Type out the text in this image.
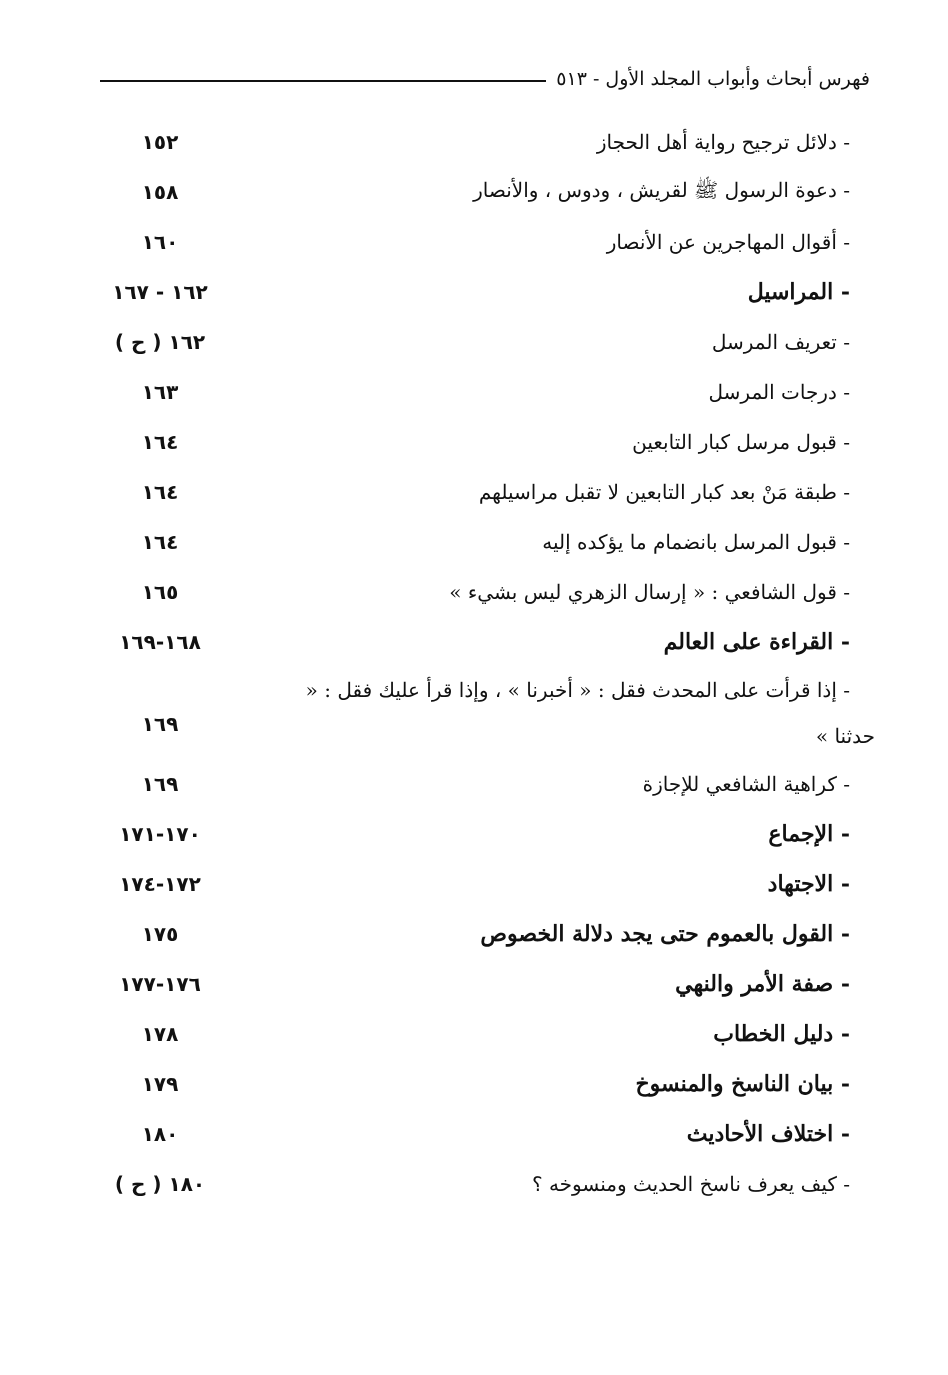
فهرس أبحاث وأبواب المجلد الأول - ٥١٣
- دلائل ترجيح رواية أهل الحجاز
١٥٢
- دعوة الرسول ﷺ لقريش ، ودوس ، والأنصار
١٥٨
- أقوال المهاجرين عن الأنصار
١٦٠
- المراسيل
١٦٢ - ١٦٧
- تعريف المرسل
١٦٢ ( ح )
- درجات المرسل
١٦٣
- قبول مرسل كبار التابعين
١٦٤
- طبقة مَنْ بعد كبار التابعين لا تقبل مراسيلهم
١٦٤
- قبول المرسل بانضمام ما يؤكده إليه
١٦٤
- قول الشافعي : « إرسال الزهري ليس بشيء »
١٦٥
- القراءة على العالم
١٦٨-١٦٩
- إذا قرأت على المحدث فقل : « أخبرنا » ، وإذا قرأ عليك فقل : «
حدثنا »
١٦٩
- كراهية الشافعي للإجازة
١٦٩
- الإجماع
١٧٠-١٧١
- الاجتهاد
١٧٢-١٧٤
- القول بالعموم حتى يجد دلالة الخصوص
١٧٥
- صفة الأمر والنهي
١٧٦-١٧٧
- دليل الخطاب
١٧٨
- بيان الناسخ والمنسوخ
١٧٩
- اختلاف الأحاديث
١٨٠
- كيف يعرف ناسخ الحديث ومنسوخه ؟
١٨٠ ( ح )
